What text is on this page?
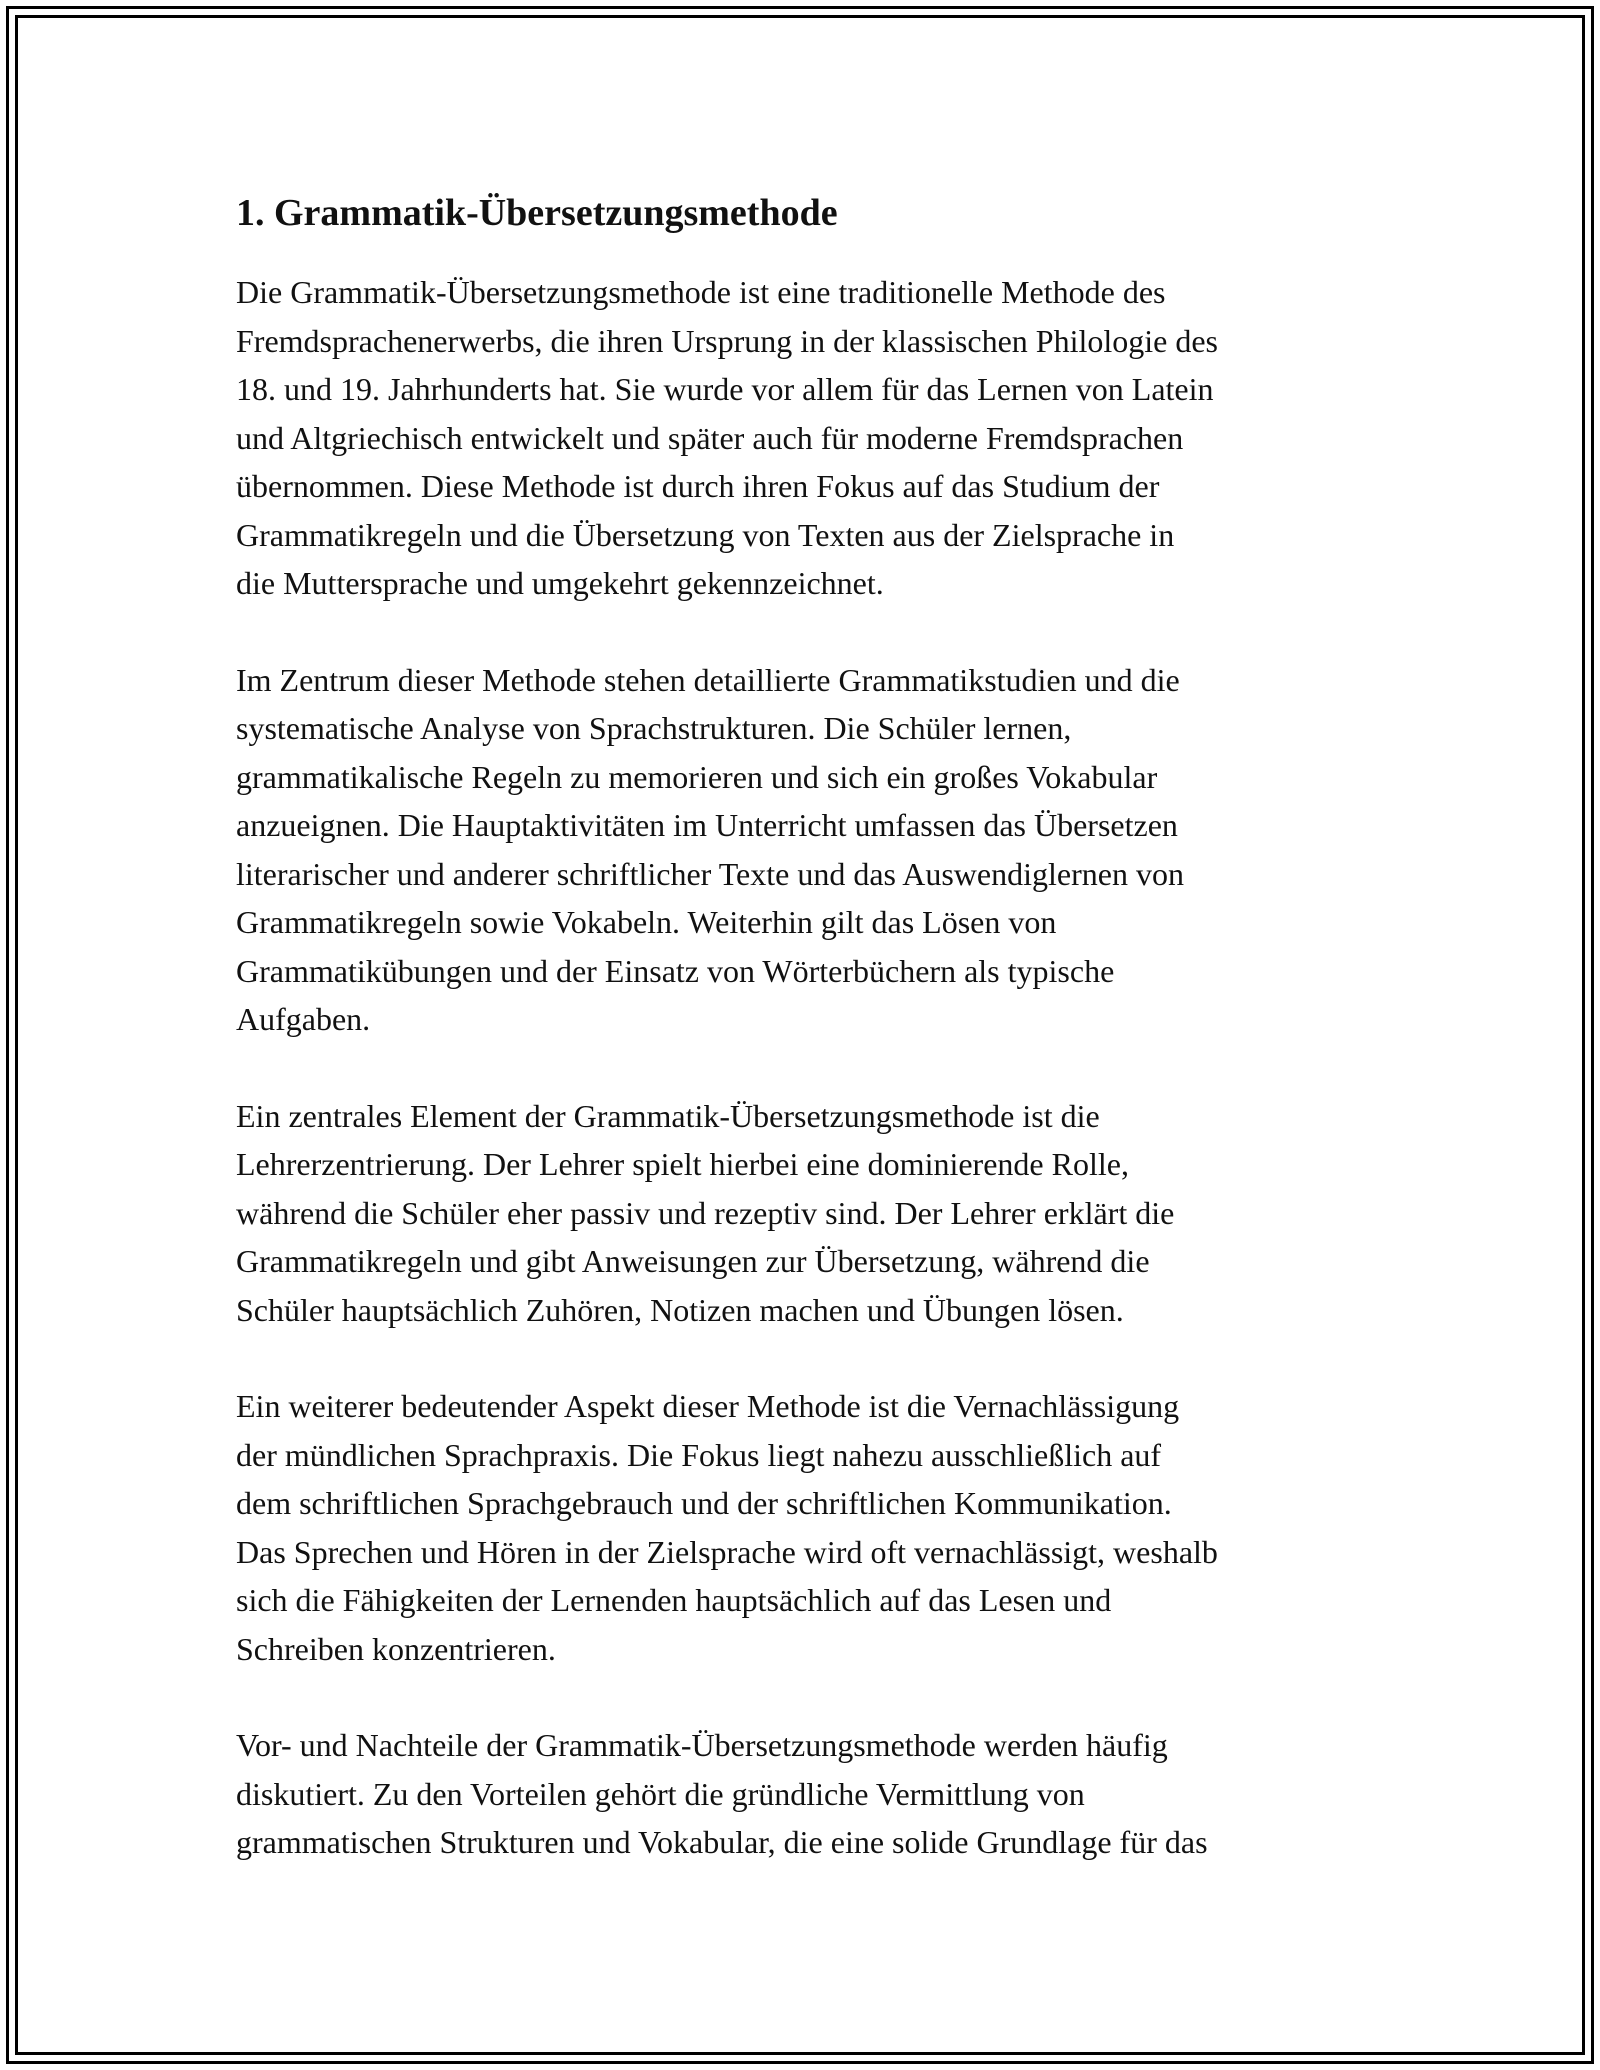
1. Grammatik-Übersetzungsmethode

Die Grammatik-Übersetzungsmethode ist eine traditionelle Methode des
Fremdsprachenerwerbs, die ihren Ursprung in der klassischen Philologie des
18. und 19. Jahrhunderts hat. Sie wurde vor allem für das Lernen von Latein
und Altgriechisch entwickelt und später auch für moderne Fremdsprachen
übernommen. Diese Methode ist durch ihren Fokus auf das Studium der
Grammatikregeln und die Übersetzung von Texten aus der Zielsprache in
die Muttersprache und umgekehrt gekennzeichnet.

Im Zentrum dieser Methode stehen detaillierte Grammatikstudien und die
systematische Analyse von Sprachstrukturen. Die Schüler lernen,
grammatikalische Regeln zu memorieren und sich ein großes Vokabular
anzueignen. Die Hauptaktivitäten im Unterricht umfassen das Übersetzen
literarischer und anderer schriftlicher Texte und das Auswendiglernen von
Grammatikregeln sowie Vokabeln. Weiterhin gilt das Lösen von
Grammatikübungen und der Einsatz von Wörterbüchern als typische
Aufgaben.

Ein zentrales Element der Grammatik-Übersetzungsmethode ist die
Lehrerzentrierung. Der Lehrer spielt hierbei eine dominierende Rolle,
während die Schüler eher passiv und rezeptiv sind. Der Lehrer erklärt die
Grammatikregeln und gibt Anweisungen zur Übersetzung, während die
Schüler hauptsächlich Zuhören, Notizen machen und Übungen lösen.

Ein weiterer bedeutender Aspekt dieser Methode ist die Vernachlässigung
der mündlichen Sprachpraxis. Die Fokus liegt nahezu ausschließlich auf
dem schriftlichen Sprachgebrauch und der schriftlichen Kommunikation.
Das Sprechen und Hören in der Zielsprache wird oft vernachlässigt, weshalb
sich die Fähigkeiten der Lernenden hauptsächlich auf das Lesen und
Schreiben konzentrieren.

Vor- und Nachteile der Grammatik-Übersetzungsmethode werden häufig
diskutiert. Zu den Vorteilen gehört die gründliche Vermittlung von
grammatischen Strukturen und Vokabular, die eine solide Grundlage für das
